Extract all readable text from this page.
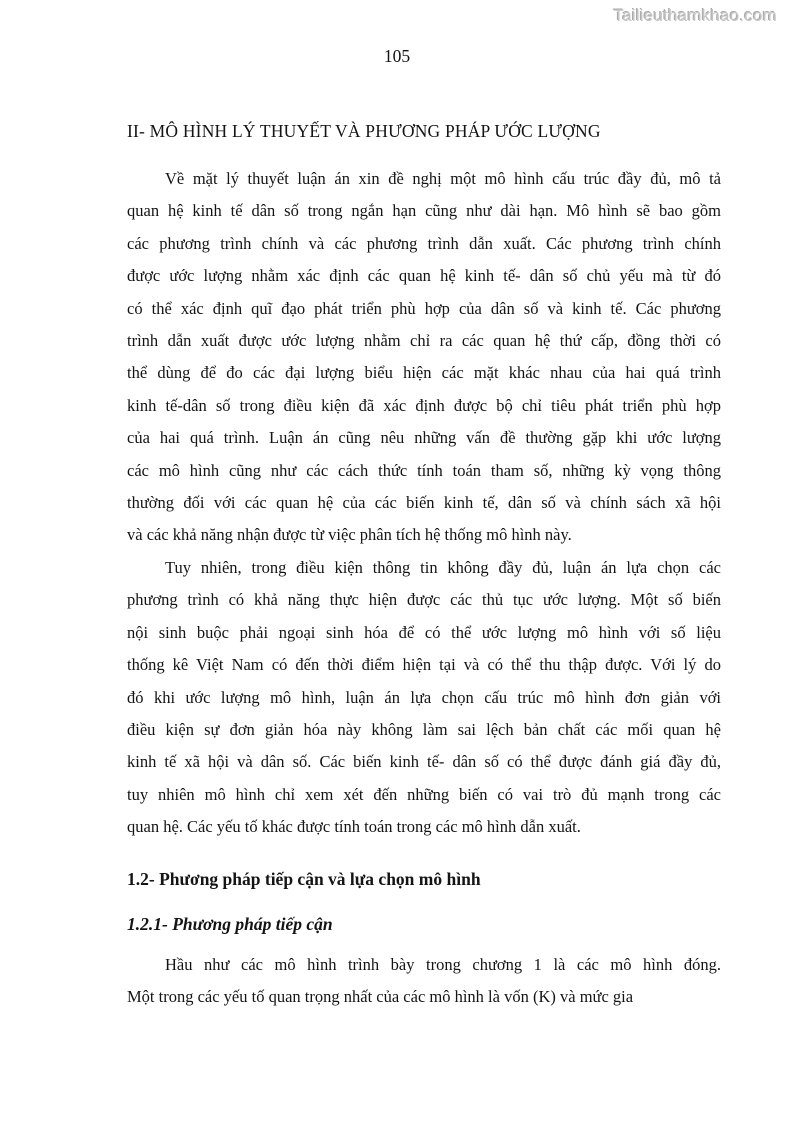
Tailieuthamkhao.com
105
II- MÔ HÌNH LÝ THUYẾT VÀ PHƯƠNG PHÁP ƯỚC LƯỢNG
Về mặt lý thuyết luận án xin đề nghị một mô hình cấu trúc đầy đủ, mô tả
quan hệ kinh tế dân số trong ngắn hạn cũng như dài hạn. Mô hình sẽ bao gồm
các phương trình chính và các phương trình dẫn xuất. Các phương trình chính
được ước lượng nhằm xác định các quan hệ kinh tế- dân số chủ yếu mà từ đó
có thể xác định quĩ đạo phát triển phù hợp của dân số và kinh tế. Các phương
trình dẫn xuất được ước lượng nhằm chỉ ra các quan hệ thứ cấp, đồng thời có
thể dùng để đo các đại lượng biểu hiện các mặt khác nhau của hai quá trình
kinh tế-dân số trong điều kiện đã xác định được bộ chỉ tiêu phát triển phù hợp
của hai quá trình. Luận án cũng nêu những vấn đề thường gặp khi ước lượng
các mô hình cũng như các cách thức tính toán tham số, những kỳ vọng thông
thường đối với các quan hệ của các biến kinh tế, dân số và chính sách xã hội
và các khả năng nhận được từ việc phân tích hệ thống mô hình này.
Tuy nhiên, trong điều kiện thông tin không đầy đủ, luận án lựa chọn các
phương trình có khả năng thực hiện được các thủ tục ước lượng. Một số biến
nội sinh buộc phải ngoại sinh hóa để có thể ước lượng mô hình với số liệu
thống kê Việt Nam có đến thời điểm hiện tại và có thể thu thập được. Với lý do
đó khi ước lượng mô hình, luận án lựa chọn cấu trúc mô hình đơn giản với
điều kiện sự đơn giản hóa này không làm sai lệch bản chất các mối quan hệ
kinh tế xã hội và dân số. Các biến kinh tế- dân số có thể được đánh giá đầy đủ,
tuy nhiên mô hình chỉ xem xét đến những biến có vai trò đủ mạnh trong các
quan hệ. Các yếu tố khác được tính toán trong các mô hình dẫn xuất.
1.2- Phương pháp tiếp cận và lựa chọn mô hình
1.2.1- Phương pháp tiếp cận
Hầu như các mô hình trình bày trong chương 1 là các mô hình đóng.
Một trong các yếu tố quan trọng nhất của các mô hình là vốn (K) và mức gia
